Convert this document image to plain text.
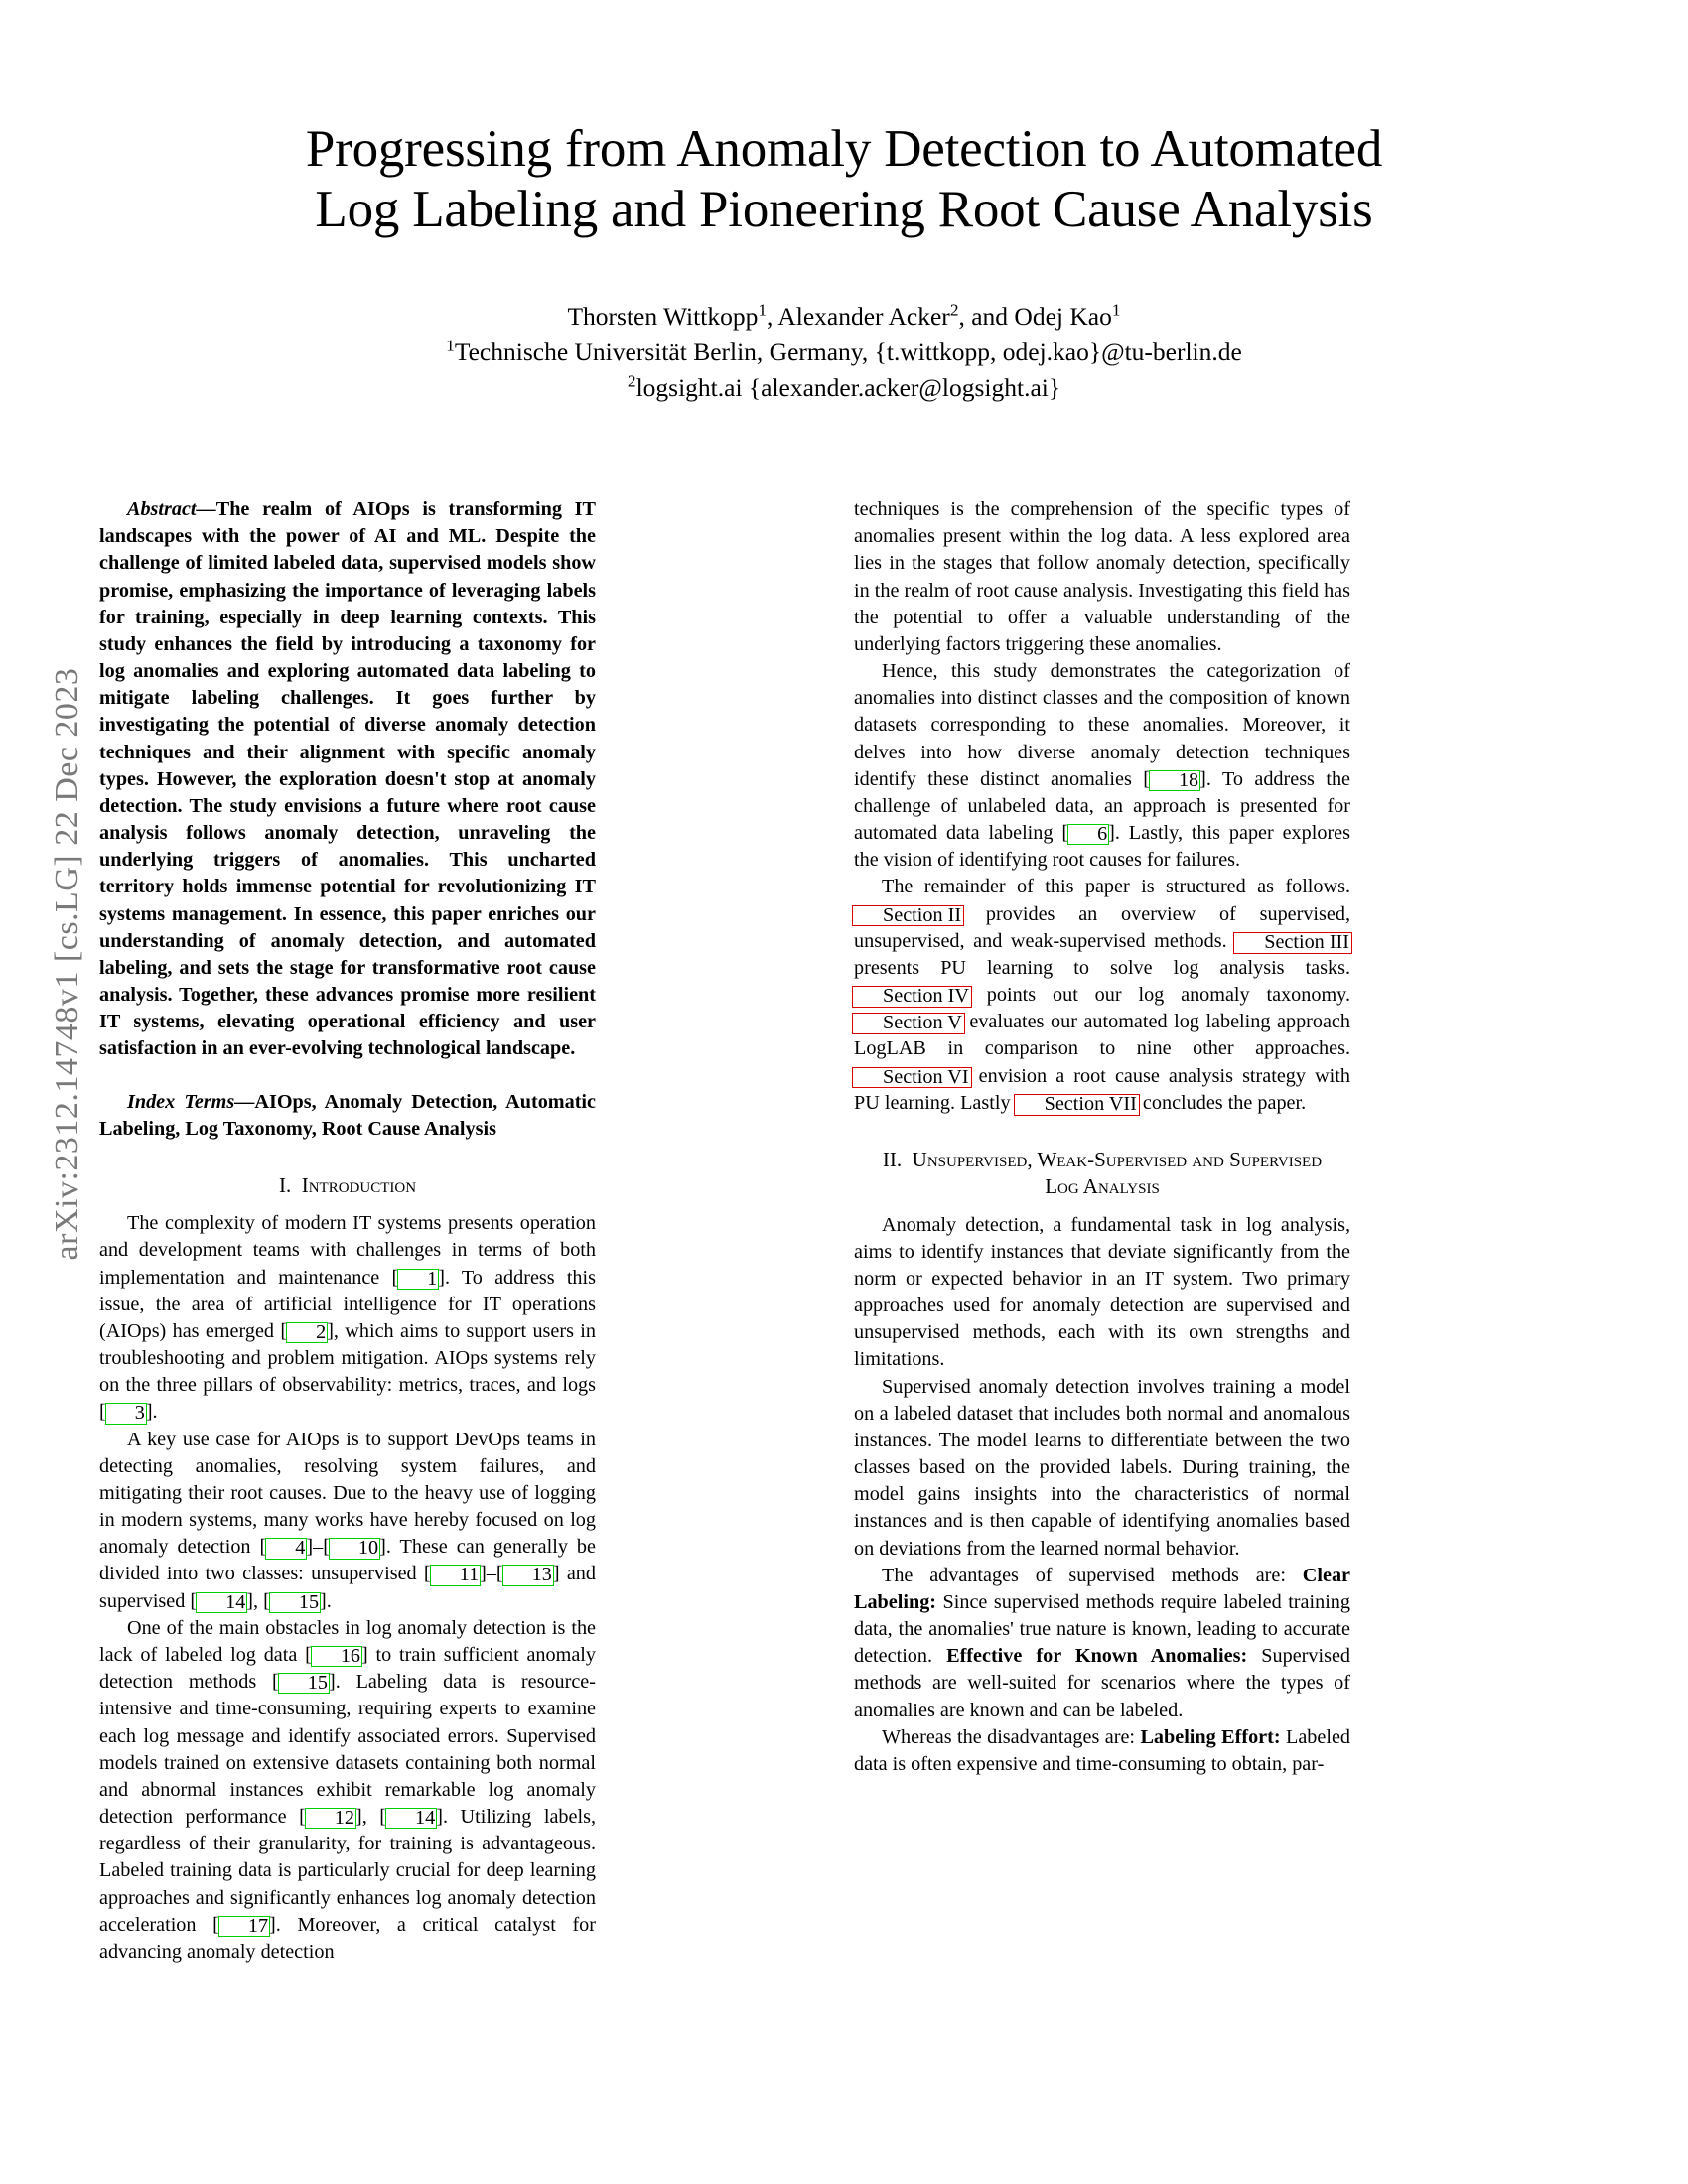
arXiv:2312.14748v1 [cs.LG] 22 Dec 2023
Progressing from Anomaly Detection to Automated
Log Labeling and Pioneering Root Cause Analysis
Thorsten Wittkopp$^1$, Alexander Acker$^2$, and Odej Kao$^1$
$^1$Technische Universität Berlin, Germany, {t.wittkopp, odej.kao}@tu-berlin.de
$^2$logsight.ai {alexander.acker@logsight.ai}

Abstract—The realm of AIOps is transforming IT landscapes with the power of AI and ML. Despite the challenge of limited labeled data, supervised models show promise, emphasizing the importance of leveraging labels for training, especially in deep learning contexts. This study enhances the field by introducing a taxonomy for log anomalies and exploring automated data labeling to mitigate labeling challenges. It goes further by investigating the potential of diverse anomaly detection techniques and their alignment with specific anomaly types. However, the exploration doesn't stop at anomaly detection. The study envisions a future where root cause analysis follows anomaly detection, unraveling the underlying triggers of anomalies. This uncharted territory holds immense potential for revolutionizing IT systems management. In essence, this paper enriches our understanding of anomaly detection, and automated labeling, and sets the stage for transformative root cause analysis. Together, these advances promise more resilient IT systems, elevating operational efficiency and user satisfaction in an ever-evolving technological landscape.

Index Terms—AIOps, Anomaly Detection, Automatic Labeling, Log Taxonomy, Root Cause Analysis

I. Introduction

The complexity of modern IT systems presents operation and development teams with challenges in terms of both implementation and maintenance [ 1]. To address this issue, the area of artificial intelligence for IT operations (AIOps) has emerged [ 2], which aims to support users in troubleshooting and problem mitigation. AIOps systems rely on the three pillars of observability: metrics, traces, and logs [ 3].

A key use case for AIOps is to support DevOps teams in detecting anomalies, resolving system failures, and mitigating their root causes. Due to the heavy use of logging in modern systems, many works have hereby focused on log anomaly detection [ 4]–[ 10]. These can generally be divided into two classes: unsupervised [ 11]–[ 13] and supervised [ 14], [ 15].

One of the main obstacles in log anomaly detection is the lack of labeled log data [ 16] to train sufficient anomaly detection methods [ 15]. Labeling data is resource-intensive and time-consuming, requiring experts to examine each log message and identify associated errors. Supervised models trained on extensive datasets containing both normal and abnormal instances exhibit remarkable log anomaly detection performance [ 12], [ 14]. Utilizing labels, regardless of their granularity, for training is advantageous. Labeled training data is particularly crucial for deep learning approaches and significantly enhances log anomaly detection acceleration [ 17]. Moreover, a critical catalyst for advancing anomaly detection

techniques is the comprehension of the specific types of anomalies present within the log data. A less explored area lies in the stages that follow anomaly detection, specifically in the realm of root cause analysis. Investigating this field has the potential to offer a valuable understanding of the underlying factors triggering these anomalies.

Hence, this study demonstrates the categorization of anomalies into distinct classes and the composition of known datasets corresponding to these anomalies. Moreover, it delves into how diverse anomaly detection techniques identify these distinct anomalies [ 18]. To address the challenge of unlabeled data, an approach is presented for automated data labeling [ 6]. Lastly, this paper explores the vision of identifying root causes for failures.

The remainder of this paper is structured as follows. Section II provides an overview of supervised, unsupervised, and weak-supervised methods. Section III presents PU learning to solve log analysis tasks. Section IV points out our log anomaly taxonomy. Section V evaluates our automated log labeling approach LogLAB in comparison to nine other approaches. Section VI envision a root cause analysis strategy with PU learning. Lastly Section VII concludes the paper.

II. Unsupervised, Weak-Supervised and Supervised
Log Analysis

Anomaly detection, a fundamental task in log analysis, aims to identify instances that deviate significantly from the norm or expected behavior in an IT system. Two primary approaches used for anomaly detection are supervised and unsupervised methods, each with its own strengths and limitations.

Supervised anomaly detection involves training a model on a labeled dataset that includes both normal and anomalous instances. The model learns to differentiate between the two classes based on the provided labels. During training, the model gains insights into the characteristics of normal instances and is then capable of identifying anomalies based on deviations from the learned normal behavior.

The advantages of supervised methods are: Clear Labeling: Since supervised methods require labeled training data, the anomalies' true nature is known, leading to accurate detection. Effective for Known Anomalies: Supervised methods are well-suited for scenarios where the types of anomalies are known and can be labeled.

Whereas the disadvantages are: Labeling Effort: Labeled data is often expensive and time-consuming to obtain, par-
